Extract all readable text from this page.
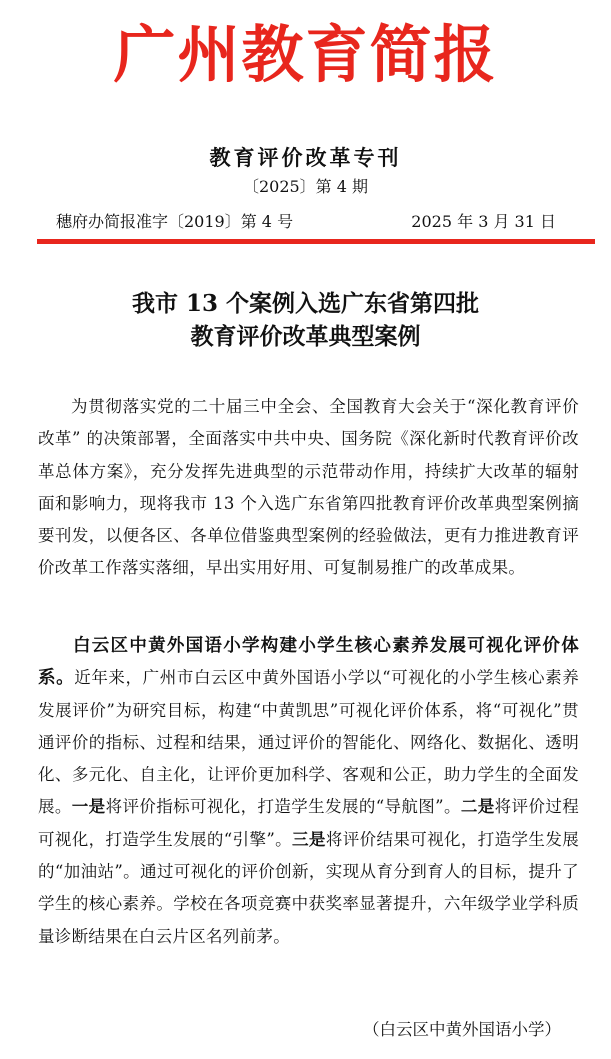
广州教育简报
教育评价改革专刊
〔2025〕第 4 期
穗府办简报准字〔2019〕第 4 号	2025 年 3 月 31 日
我市 13 个案例入选广东省第四批
教育评价改革典型案例

为贯彻落实党的二十届三中全会、全国教育大会关于“深化教育评价改革” 的决策部署，全面落实中共中央、国务院《深化新时代教育评价改革总体方案》，充分发挥先进典型的示范带动作用，持续扩大改革的辐射面和影响力，现将我市 13 个入选广东省第四批教育评价改革典型案例摘要刊发，以便各区、各单位借鉴典型案例的经验做法，更有力推进教育评价改革工作落实落细，早出实用好用、可复制易推广的改革成果。

白云区中黄外国语小学构建小学生核心素养发展可视化评价体系。近年来，广州市白云区中黄外国语小学以“可视化的小学生核心素养发展评价”为研究目标，构建“中黄凯思”可视化评价体系，将“可视化”贯通评价的指标、过程和结果，通过评价的智能化、网络化、数据化、透明化、多元化、自主化，让评价更加科学、客观和公正，助力学生的全面发展。一是将评价指标可视化，打造学生发展的“导航图”。二是将评价过程可视化，打造学生发展的“引擎”。三是将评价结果可视化，打造学生发展的“加油站”。通过可视化的评价创新，实现从育分到育人的目标，提升了学生的核心素养。学校在各项竞赛中获奖率显著提升，六年级学业学科质量诊断结果在白云片区名列前茅。

（白云区中黄外国语小学）
